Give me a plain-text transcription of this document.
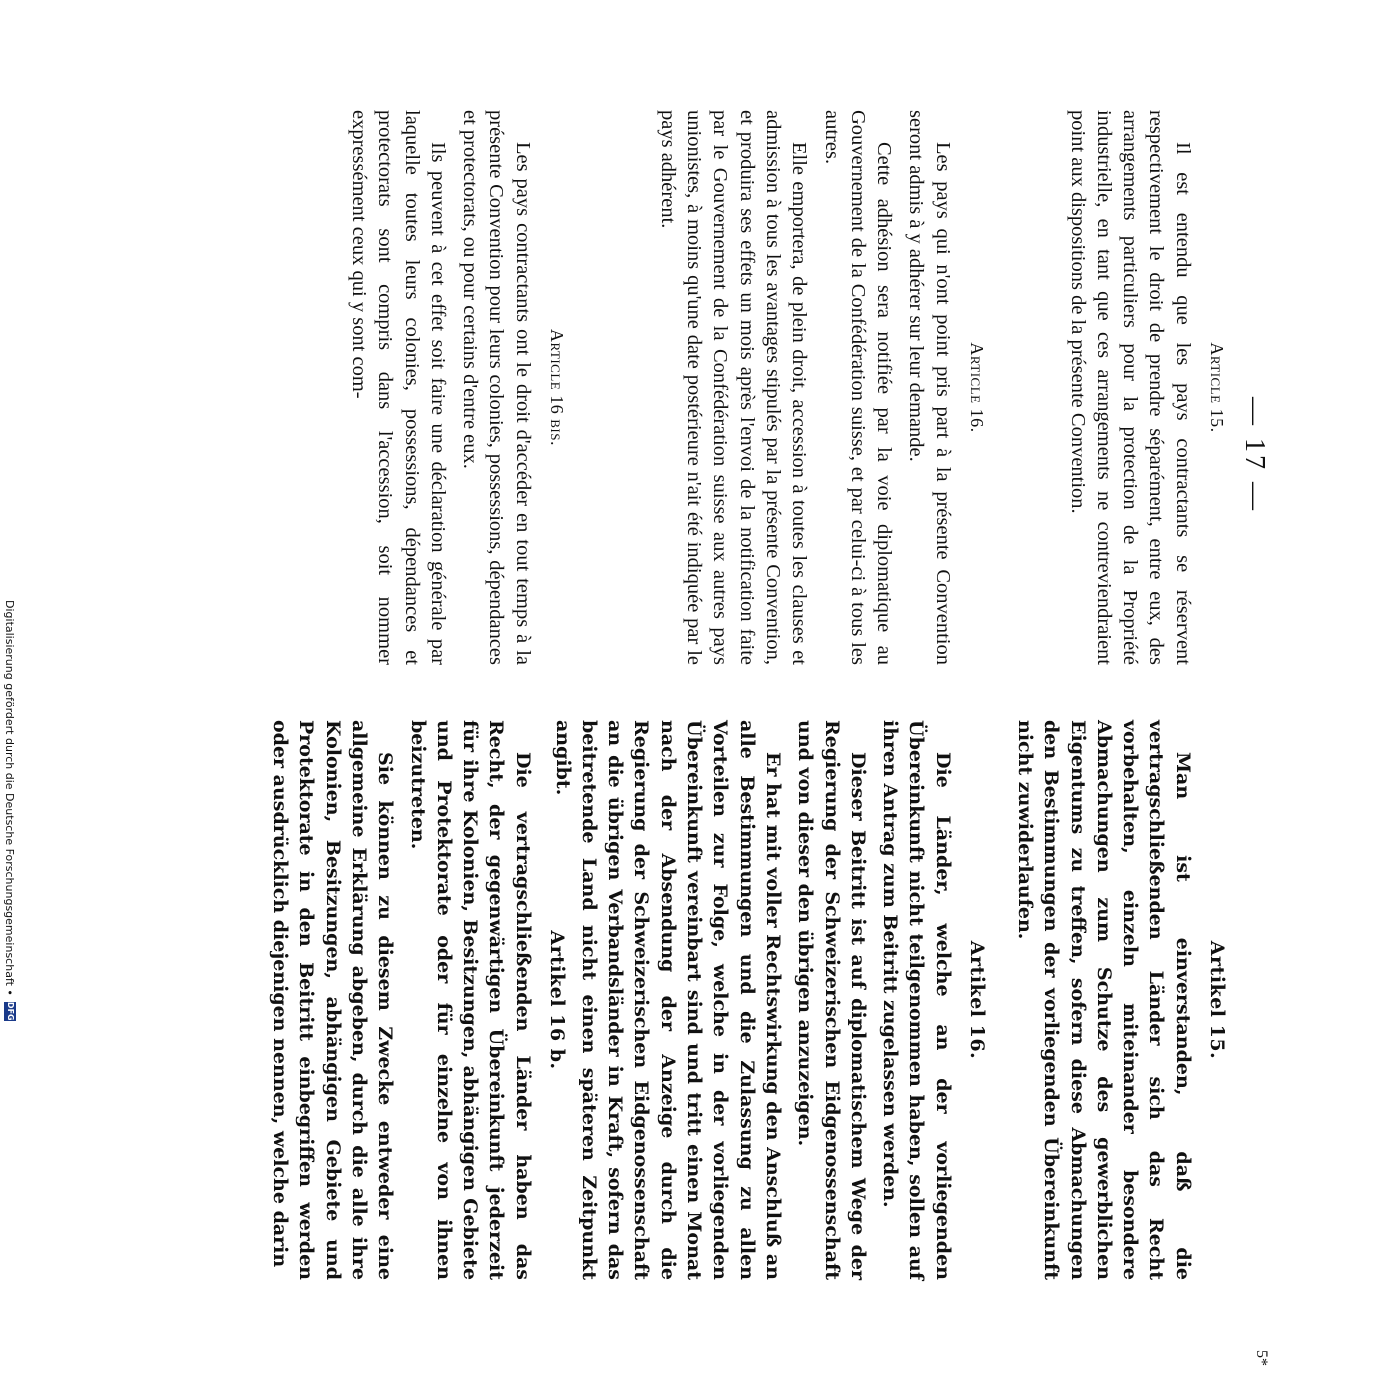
— 17 —
Article 15.

Il est entendu que les pays contractants se réservent respectivement le droit de prendre séparément, entre eux, des arrangements particuliers pour la protection de la Propriété industrielle, en tant que ces arrangements ne contreviendraient point aux dispositions de la présente Convention.

Article 16.

Les pays qui n'ont point pris part à la présente Convention seront admis à y adhérer sur leur demande.

Cette adhésion sera notifiée par la voie diplomatique au Gouvernement de la Confédération suisse, et par celui-ci à tous les autres.

Elle emportera, de plein droit, accession à toutes les clauses et admission à tous les avantages stipulés par la présente Convention, et produira ses effets un mois après l'envoi de la notification faite par le Gouvernement de la Confédération suisse aux autres pays unionistes, à moins qu'une date postérieure n'ait été indiquée par le pays adhérent.

Article 16 bis.

Les pays contractants ont le droit d'accéder en tout temps à la présente Convention pour leurs colonies, possessions, dépendances et protectorats, ou pour certains d'entre eux.

Ils peuvent à cet effet soit faire une déclaration générale par laquelle toutes leurs colonies, possessions, dépendances et protectorats sont compris dans l'accession, soit nommer expressément ceux qui y sont com-

Artikel 15.

Man ist einverstanden, daß die vertragschließenden Länder sich das Recht vorbehalten, einzeln miteinander besondere Abmachungen zum Schutze des gewerblichen Eigentums zu treffen, sofern diese Abmachungen den Bestimmungen der vorliegenden Übereinkunft nicht zuwiderlaufen.

Artikel 16.

Die Länder, welche an der vorliegenden Übereinkunft nicht teilgenommen haben, sollen auf ihren Antrag zum Beitritt zugelassen werden.

Dieser Beitritt ist auf diplomatischem Wege der Regierung der Schweizerischen Eidgenossenschaft und von dieser den übrigen anzuzeigen.

Er hat mit voller Rechtswirkung den Anschluß an alle Bestimmungen und die Zulassung zu allen Vorteilen zur Folge, welche in der vorliegenden Übereinkunft vereinbart sind und tritt einen Monat nach der Absendung der Anzeige durch die Regierung der Schweizerischen Eidgenossenschaft an die übrigen Verbandsländer in Kraft, sofern das beitretende Land nicht einen späteren Zeitpunkt angibt.

Artikel 16 b.

Die vertragschließenden Länder haben das Recht, der gegenwärtigen Übereinkunft jederzeit für ihre Kolonien, Besitzungen, abhängigen Gebiete und Protektorate oder für einzelne von ihnen beizutreten.

Sie können zu diesem Zwecke entweder eine allgemeine Erklärung abgeben, durch die alle ihre Kolonien, Besitzungen, abhängigen Gebiete und Protektorate in den Beitritt einbegriffen werden oder ausdrücklich diejenigen nennen, welche darin

5*
Digitalisierung gefördert durch die Deutsche Forschungsgemeinschaft •
DFG
